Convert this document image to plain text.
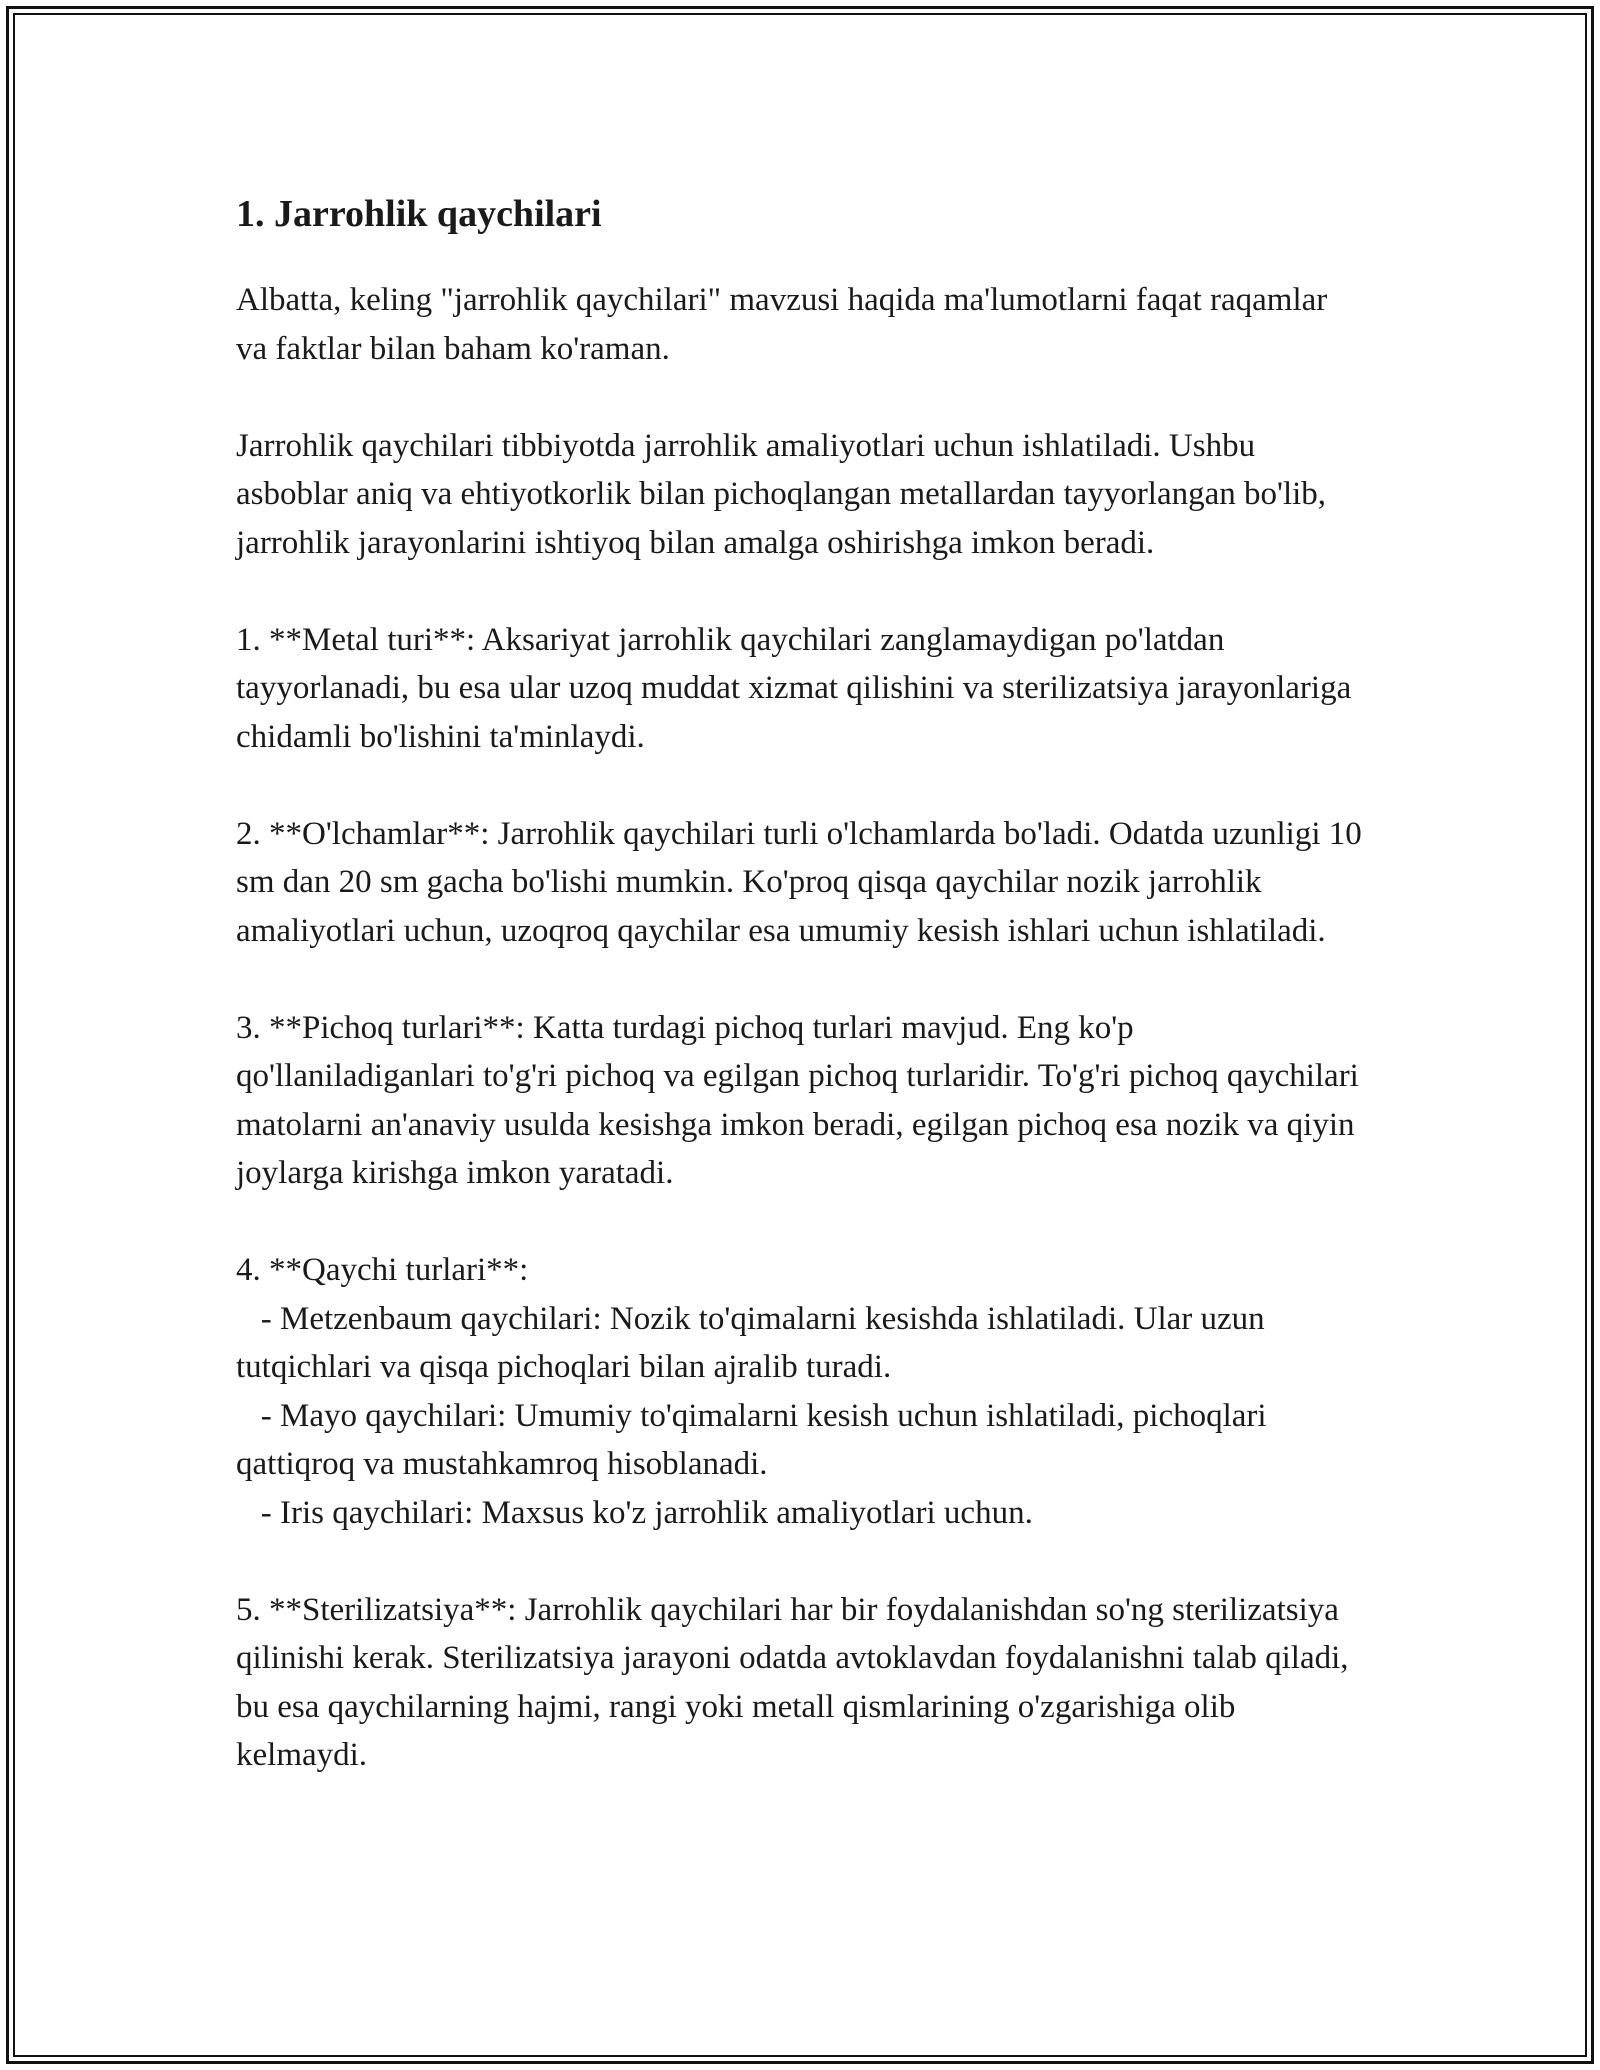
1. Jarrohlik qaychilari

Albatta, keling "jarrohlik qaychilari" mavzusi haqida ma'lumotlarni faqat raqamlar va faktlar bilan baham ko'raman.

Jarrohlik qaychilari tibbiyotda jarrohlik amaliyotlari uchun ishlatiladi. Ushbu asboblar aniq va ehtiyotkorlik bilan pichoqlangan metallardan tayyorlangan bo'lib, jarrohlik jarayonlarini ishtiyoq bilan amalga oshirishga imkon beradi.

1. **Metal turi**: Aksariyat jarrohlik qaychilari zanglamaydigan po'latdan tayyorlanadi, bu esa ular uzoq muddat xizmat qilishini va sterilizatsiya jarayonlariga chidamli bo'lishini ta'minlaydi.

2. **O'lchamlar**: Jarrohlik qaychilari turli o'lchamlarda bo'ladi. Odatda uzunligi 10 sm dan 20 sm gacha bo'lishi mumkin. Ko'proq qisqa qaychilar nozik jarrohlik amaliyotlari uchun, uzoqroq qaychilar esa umumiy kesish ishlari uchun ishlatiladi.

3. **Pichoq turlari**: Katta turdagi pichoq turlari mavjud. Eng ko'p qo'llaniladiganlari to'g'ri pichoq va egilgan pichoq turlaridir. To'g'ri pichoq qaychilari matolarni an'anaviy usulda kesishga imkon beradi, egilgan pichoq esa nozik va qiyin joylarga kirishga imkon yaratadi.

4. **Qaychi turlari**:
- Metzenbaum qaychilari: Nozik to'qimalarni kesishda ishlatiladi. Ular uzun tutqichlari va qisqa pichoqlari bilan ajralib turadi.
- Mayo qaychilari: Umumiy to'qimalarni kesish uchun ishlatiladi, pichoqlari qattiqroq va mustahkamroq hisoblanadi.
- Iris qaychilari: Maxsus ko'z jarrohlik amaliyotlari uchun.

5. **Sterilizatsiya**: Jarrohlik qaychilari har bir foydalanishdan so'ng sterilizatsiya qilinishi kerak. Sterilizatsiya jarayoni odatda avtoklavdan foydalanishni talab qiladi, bu esa qaychilarning hajmi, rangi yoki metall qismlarining o'zgarishiga olib kelmaydi.
